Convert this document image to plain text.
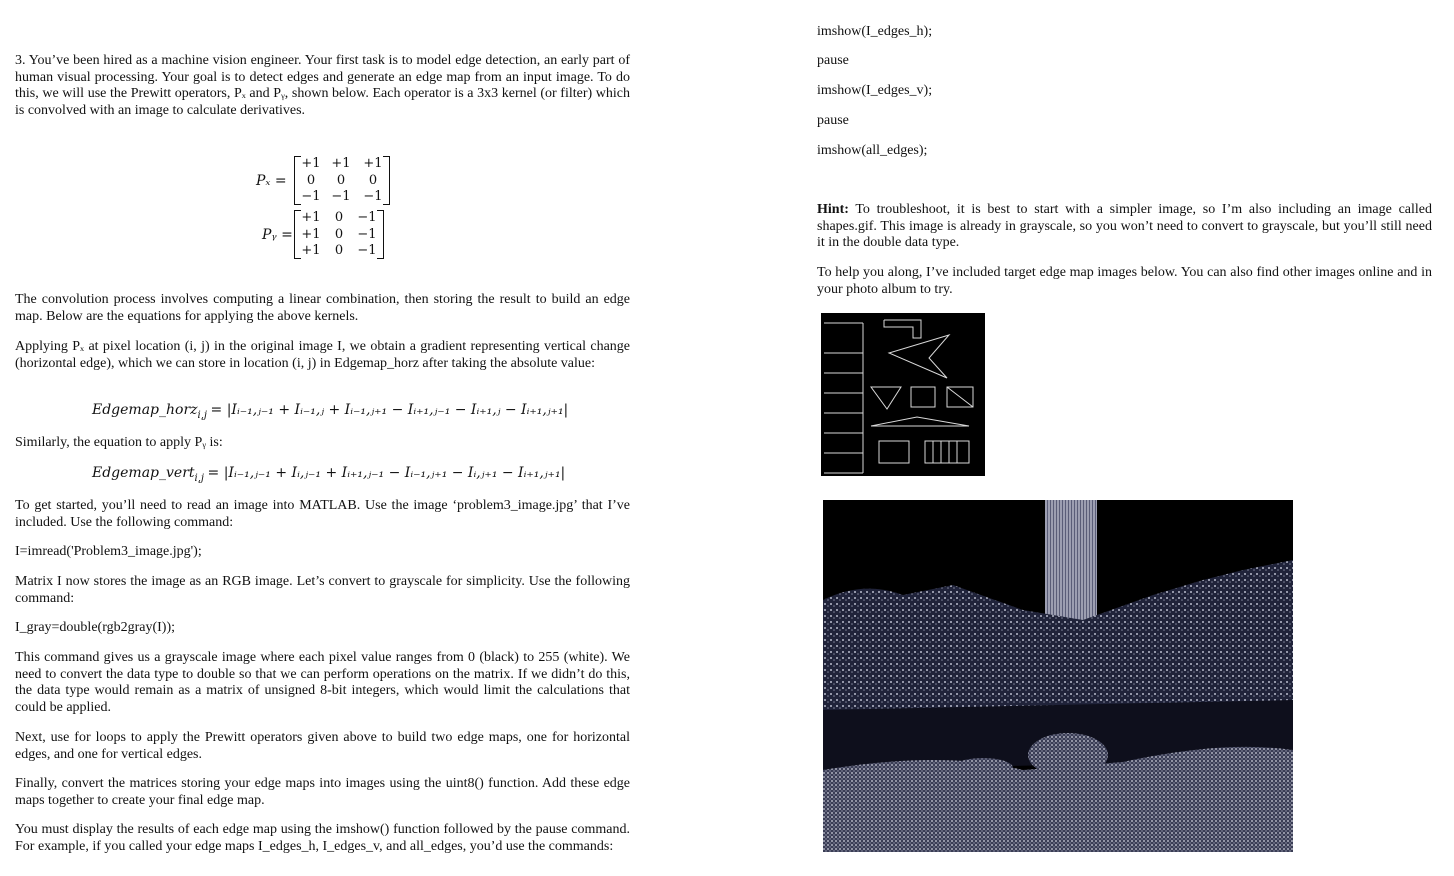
3. You’ve been hired as a machine vision engineer. Your first task is to model edge detection, an early part of human visual processing. Your goal is to detect edges and generate an edge map from an input image. To do this, we will use the Prewitt operators, Pₓ and Pᵧ, shown below. Each operator is a 3x3 kernel (or filter) which is convolved with an image to calculate derivatives.

Pₓ =
+1 +1 +1
0	0	0
−1 −1 −1
Pᵧ =
+1	0	−1
+1	0	−1
+1	0	−1

The convolution process involves computing a linear combination, then storing the result to build an edge map. Below are the equations for applying the above kernels.

Applying Pₓ at pixel location (i, j) in the original image I, we obtain a gradient representing vertical change (horizontal edge), which we can store in location (i, j) in Edgemap_horz after taking the absolute value:

Edgemap_horz$_{i,j}$ = |Iᵢ₋₁,ⱼ₋₁ + Iᵢ₋₁,ⱼ + Iᵢ₋₁,ⱼ₊₁ − Iᵢ₊₁,ⱼ₋₁ − Iᵢ₊₁,ⱼ − Iᵢ₊₁,ⱼ₊₁|

Similarly, the equation to apply Pᵧ is:

Edgemap_vert$_{i,j}$ = |Iᵢ₋₁,ⱼ₋₁ + Iᵢ,ⱼ₋₁ + Iᵢ₊₁,ⱼ₋₁ − Iᵢ₋₁,ⱼ₊₁ − Iᵢ,ⱼ₊₁ − Iᵢ₊₁,ⱼ₊₁|

To get started, you’ll need to read an image into MATLAB. Use the image ‘problem3_image.jpg’ that I’ve included. Use the following command:

I=imread('Problem3_image.jpg');

Matrix I now stores the image as an RGB image. Let’s convert to grayscale for simplicity. Use the following command:

I_gray=double(rgb2gray(I));

This command gives us a grayscale image where each pixel value ranges from 0 (black) to 255 (white). We need to convert the data type to double so that we can perform operations on the matrix. If we didn’t do this, the data type would remain as a matrix of unsigned 8-bit integers, which would limit the calculations that could be applied.

Next, use for loops to apply the Prewitt operators given above to build two edge maps, one for horizontal edges, and one for vertical edges.

Finally, convert the matrices storing your edge maps into images using the uint8() function. Add these edge maps together to create your final edge map.

You must display the results of each edge map using the imshow() function followed by the pause command. For example, if you called your edge maps I_edges_h, I_edges_v, and all_edges, you’d use the commands:

imshow(I_edges_h);

pause

imshow(I_edges_v);

pause

imshow(all_edges);

Hint: To troubleshoot, it is best to start with a simpler image, so I’m also including an image called shapes.gif. This image is already in grayscale, so you won’t need to convert to grayscale, but you’ll still need it in the double data type.

To help you along, I’ve included target edge map images below. You can also find other images online and in your photo album to try.
